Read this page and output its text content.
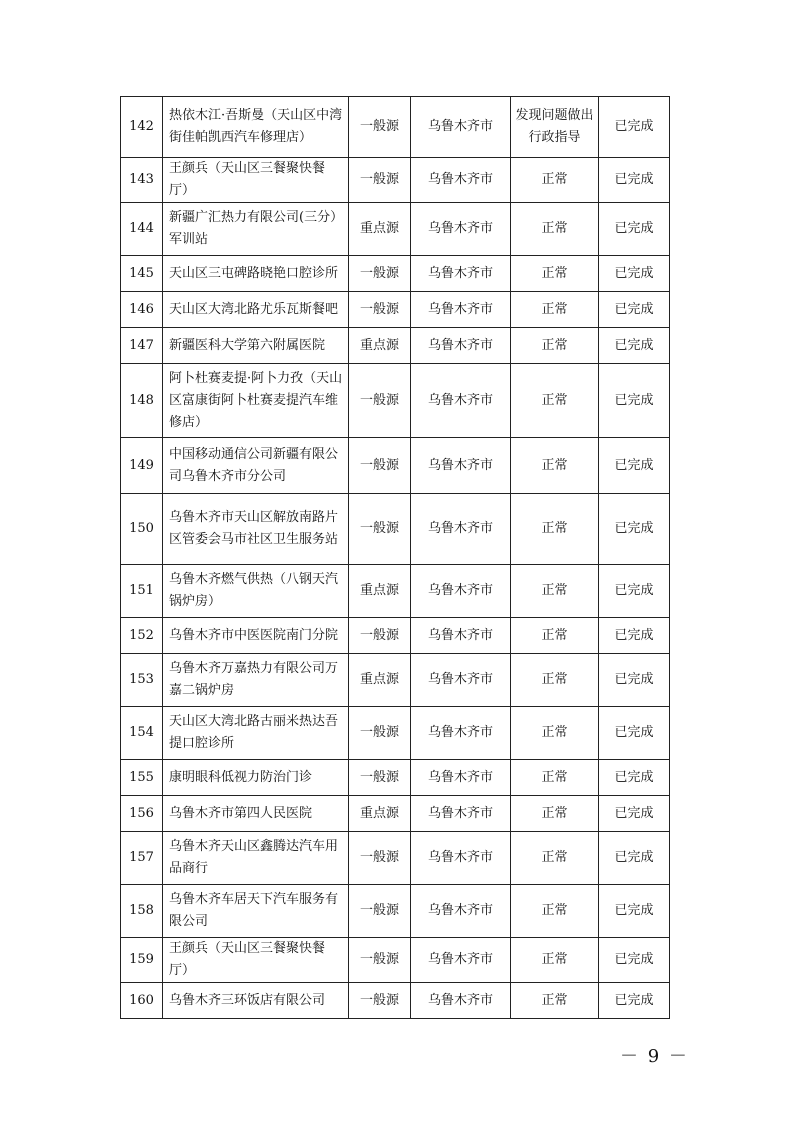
142	热依木江·吾斯曼（天山区中湾街佳帕凯西汽车修理店）	一般源	乌鲁木齐市	发现问题做出行政指导	已完成
143	王颜兵（天山区三餐聚快餐厅）	一般源	乌鲁木齐市	正常	已完成
144	新疆广汇热力有限公司(三分）军训站	重点源	乌鲁木齐市	正常	已完成
145	天山区三屯碑路晓艳口腔诊所	一般源	乌鲁木齐市	正常	已完成
146	天山区大湾北路尤乐瓦斯餐吧	一般源	乌鲁木齐市	正常	已完成
147	新疆医科大学第六附属医院	重点源	乌鲁木齐市	正常	已完成
148	阿卜杜赛麦提·阿卜力孜（天山区富康街阿卜杜赛麦提汽车维修店）	一般源	乌鲁木齐市	正常	已完成
149	中国移动通信公司新疆有限公司乌鲁木齐市分公司	一般源	乌鲁木齐市	正常	已完成
150	乌鲁木齐市天山区解放南路片区管委会马市社区卫生服务站	一般源	乌鲁木齐市	正常	已完成
151	乌鲁木齐燃气供热（八钢天汽锅炉房）	重点源	乌鲁木齐市	正常	已完成
152	乌鲁木齐市中医医院南门分院	一般源	乌鲁木齐市	正常	已完成
153	乌鲁木齐万嘉热力有限公司万嘉二锅炉房	重点源	乌鲁木齐市	正常	已完成
154	天山区大湾北路古丽米热达吾提口腔诊所	一般源	乌鲁木齐市	正常	已完成
155	康明眼科低视力防治门诊	一般源	乌鲁木齐市	正常	已完成
156	乌鲁木齐市第四人民医院	重点源	乌鲁木齐市	正常	已完成
157	乌鲁木齐天山区鑫腾达汽车用品商行	一般源	乌鲁木齐市	正常	已完成
158	乌鲁木齐车居天下汽车服务有限公司	一般源	乌鲁木齐市	正常	已完成
159	王颜兵（天山区三餐聚快餐厅）	一般源	乌鲁木齐市	正常	已完成
160	乌鲁木齐三环饭店有限公司	一般源	乌鲁木齐市	正常	已完成
－ 9 －
